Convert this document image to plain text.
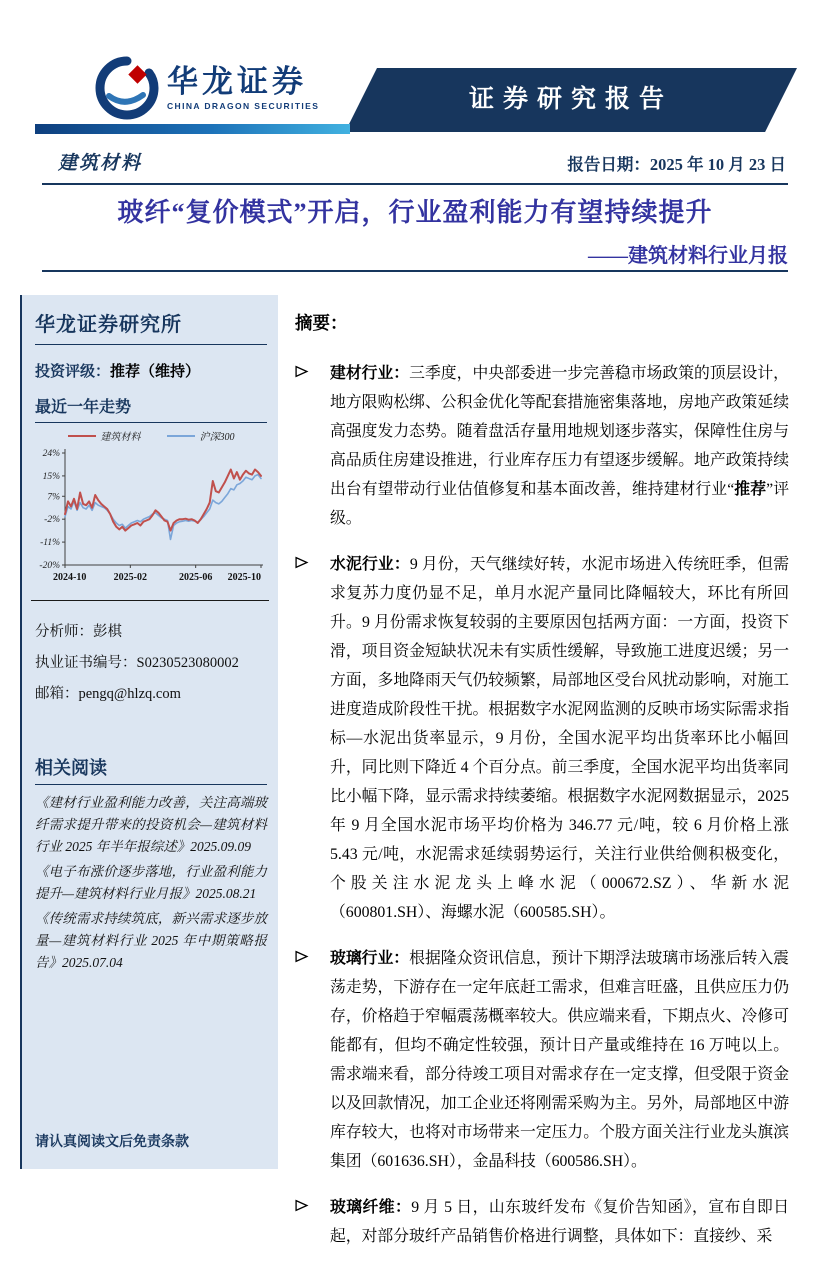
华龙证券
CHINA DRAGON SECURITIES	证券研究报告
建筑材料	报告日期：2025 年 10 月 23 日
玻纤“复价模式”开启，行业盈利能力有望持续提升
——建筑材料行业月报
华龙证券研究所
投资评级：推荐（维持）
最近一年走势
建筑材料	沪深300
24%
15%
7%
-2%
-11%
-20%
2024-10	2025-02	2025-06 2025-10
分析师：彭棋
执业证书编号：S0230523080002
邮箱：pengq@hlzq.com
相关阅读

《建材行业盈利能力改善，关注高端玻纤需求提升带来的投资机会—建筑材料行业 2025 年半年报综述》2025.09.09

《电子布涨价逐步落地，行业盈利能力提升—建筑材料行业月报》2025.08.21

《传统需求持续筑底，新兴需求逐步放量—建筑材料行业 2025 年中期策略报告》2025.07.04

请认真阅读文后免责条款
摘要：

建材行业：三季度，中央部委进一步完善稳市场政策的顶层设计，地方限购松绑、公积金优化等配套措施密集落地，房地产政策延续高强度发力态势。随着盘活存量用地规划逐步落实，保障性住房与高品质住房建设推进，行业库存压力有望逐步缓解。地产政策持续出台有望带动行业估值修复和基本面改善，维持建材行业“推荐”评级。

水泥行业：9 月份，天气继续好转，水泥市场进入传统旺季，但需求复苏力度仍显不足，单月水泥产量同比降幅较大，环比有所回升。9 月份需求恢复较弱的主要原因包括两方面：一方面，投资下滑，项目资金短缺状况未有实质性缓解，导致施工进度迟缓；另一方面，多地降雨天气仍较频繁，局部地区受台风扰动影响，对施工进度造成阶段性干扰。根据数字水泥网监测的反映市场实际需求指标—水泥出货率显示，9 月份，全国水泥平均出货率环比小幅回升，同比则下降近 4 个百分点。前三季度，全国水泥平均出货率同比小幅下降，显示需求持续萎缩。根据数字水泥网数据显示，2025 年 9 月全国水泥市场平均价格为 346.77 元/吨，较 6 月价格上涨 5.43 元/吨，水泥需求延续弱势运行，关注行业供给侧积极变化，个股关注水泥龙头上峰水泥（000672.SZ）、华新水泥（600801.SH）、海螺水泥（600585.SH）。

玻璃行业：根据隆众资讯信息，预计下期浮法玻璃市场涨后转入震荡走势，下游存在一定年底赶工需求，但难言旺盛，且供应压力仍存，价格趋于窄幅震荡概率较大。供应端来看，下期点火、冷修可能都有，但均不确定性较强，预计日产量或维持在 16 万吨以上。需求端来看，部分待竣工项目对需求存在一定支撑，但受限于资金以及回款情况，加工企业还将刚需采购为主。另外，局部地区中游库存较大，也将对市场带来一定压力。个股方面关注行业龙头旗滨集团（601636.SH），金晶科技（600586.SH）。

玻璃纤维：9 月 5 日，山东玻纤发布《复价告知函》，宣布自即日起，对部分玻纤产品销售价格进行调整，具体如下：直接纱、采
